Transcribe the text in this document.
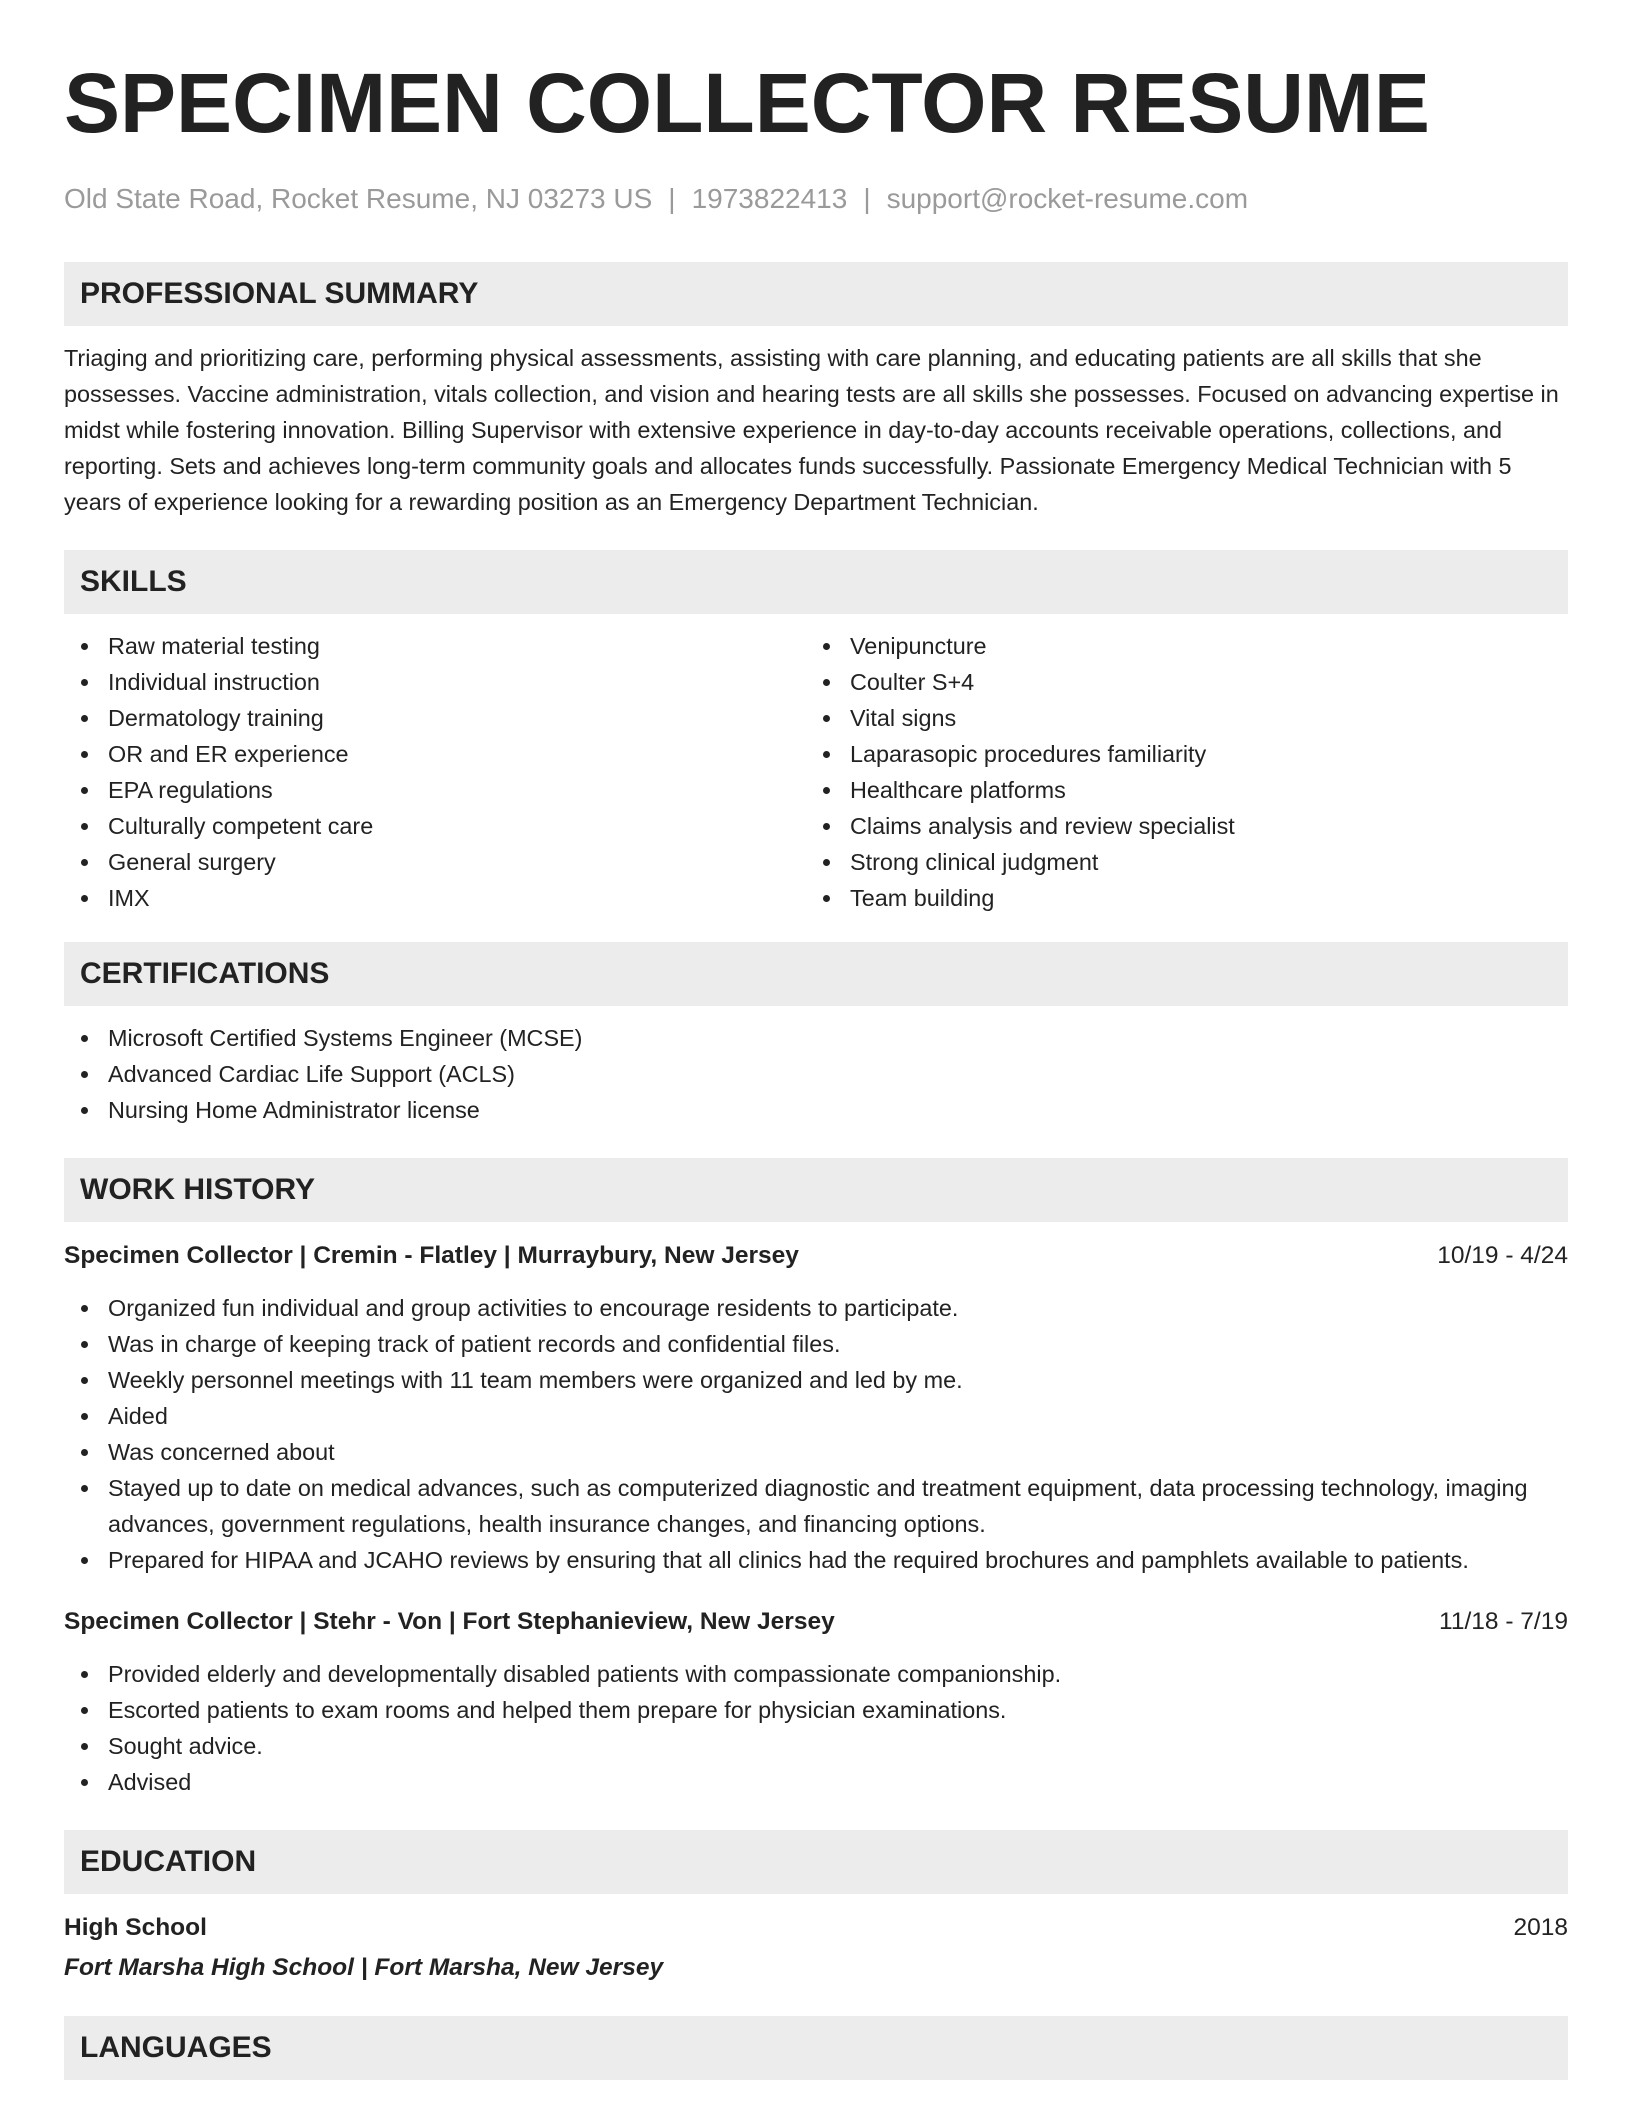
SPECIMEN COLLECTOR RESUME
Old State Road, Rocket Resume, NJ 03273 US | 1973822413 | support@rocket-resume.com
PROFESSIONAL SUMMARY
Triaging and prioritizing care, performing physical assessments, assisting with care planning, and educating patients are all skills that she possesses. Vaccine administration, vitals collection, and vision and hearing tests are all skills she possesses. Focused on advancing expertise in midst while fostering innovation. Billing Supervisor with extensive experience in day-to-day accounts receivable operations, collections, and reporting. Sets and achieves long-term community goals and allocates funds successfully. Passionate Emergency Medical Technician with 5 years of experience looking for a rewarding position as an Emergency Department Technician.
SKILLS
Raw material testing
Individual instruction
Dermatology training
OR and ER experience
EPA regulations
Culturally competent care
General surgery
IMX
Venipuncture
Coulter S+4
Vital signs
Laparasopic procedures familiarity
Healthcare platforms
Claims analysis and review specialist
Strong clinical judgment
Team building
CERTIFICATIONS
Microsoft Certified Systems Engineer (MCSE)
Advanced Cardiac Life Support (ACLS)
Nursing Home Administrator license
WORK HISTORY
Specimen Collector | Cremin - Flatley | Murraybury, New Jersey	10/19 - 4/24
Organized fun individual and group activities to encourage residents to participate.
Was in charge of keeping track of patient records and confidential files.
Weekly personnel meetings with 11 team members were organized and led by me.
Aided
Was concerned about
Stayed up to date on medical advances, such as computerized diagnostic and treatment equipment, data processing technology, imaging advances, government regulations, health insurance changes, and financing options.
Prepared for HIPAA and JCAHO reviews by ensuring that all clinics had the required brochures and pamphlets available to patients.
Specimen Collector | Stehr - Von | Fort Stephanieview, New Jersey	11/18 - 7/19
Provided elderly and developmentally disabled patients with compassionate companionship.
Escorted patients to exam rooms and helped them prepare for physician examinations.
Sought advice.
Advised
EDUCATION
High School	2018
Fort Marsha High School | Fort Marsha, New Jersey
LANGUAGES
